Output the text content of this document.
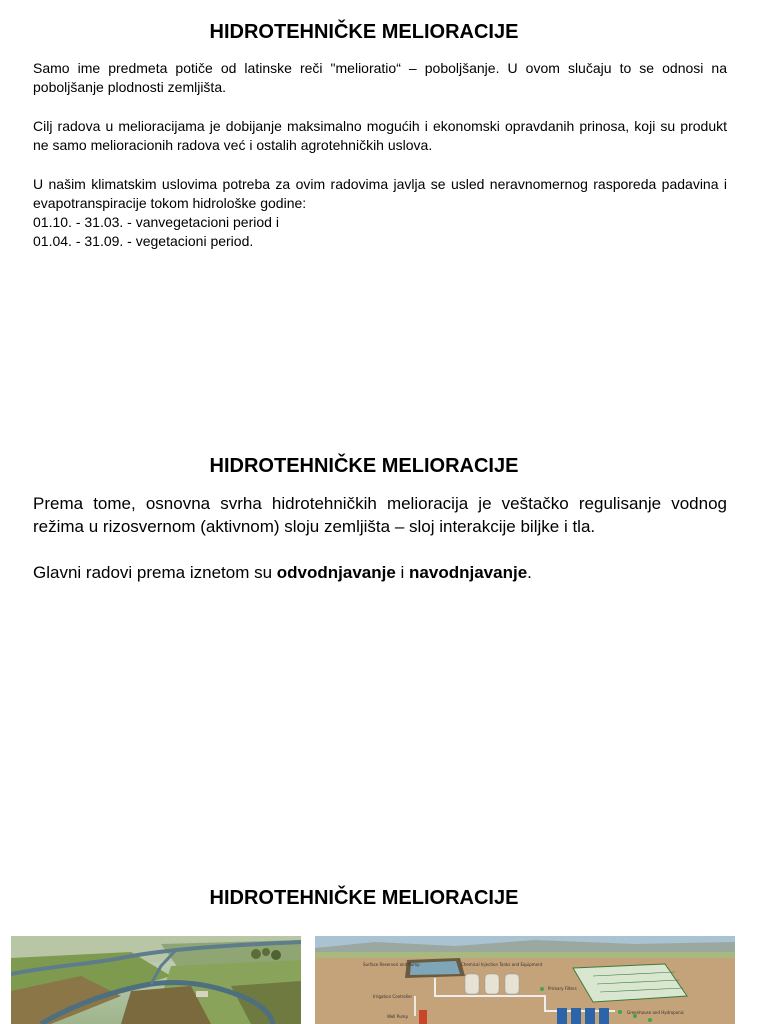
HIDROTEHNIČKE MELIORACIJE

Samo ime predmeta potiče od latinske reči "melioratio“ – poboljšanje. U ovom slučaju to se odnosi na poboljšanje plodnosti zemljišta.

Cilj radova u melioracijama je dobijanje maksimalno mogućih i ekonomski opravdanih prinosa, koji su produkt ne samo melioracionih radova već i ostalih agrotehničkih uslova.

U našim klimatskim uslovima potreba za ovim radovima javlja se usled neravnomernog rasporeda padavina i evapotranspiracije tokom hidrološke godine:

01.10. - 31.03. - vanvegetacioni period i

01.04. - 31.09. - vegetacioni period.

HIDROTEHNIČKE MELIORACIJE

Prema tome, osnovna svrha hidrotehničkih melioracija je veštačko regulisanje vodnog režima u rizosvernom (aktivnom) sloju zemljišta – sloj interakcije biljke i tla.

Glavni radovi prema iznetom su odvodnjavanje i navodnjavanje.

HIDROTEHNIČKE MELIORACIJE
Surface Reservoir and Pump	Chemical Injection Tanks and Equipment
Primary Filters
Irrigation Controller
Well Pump
Greenhouse and Hydroponic
